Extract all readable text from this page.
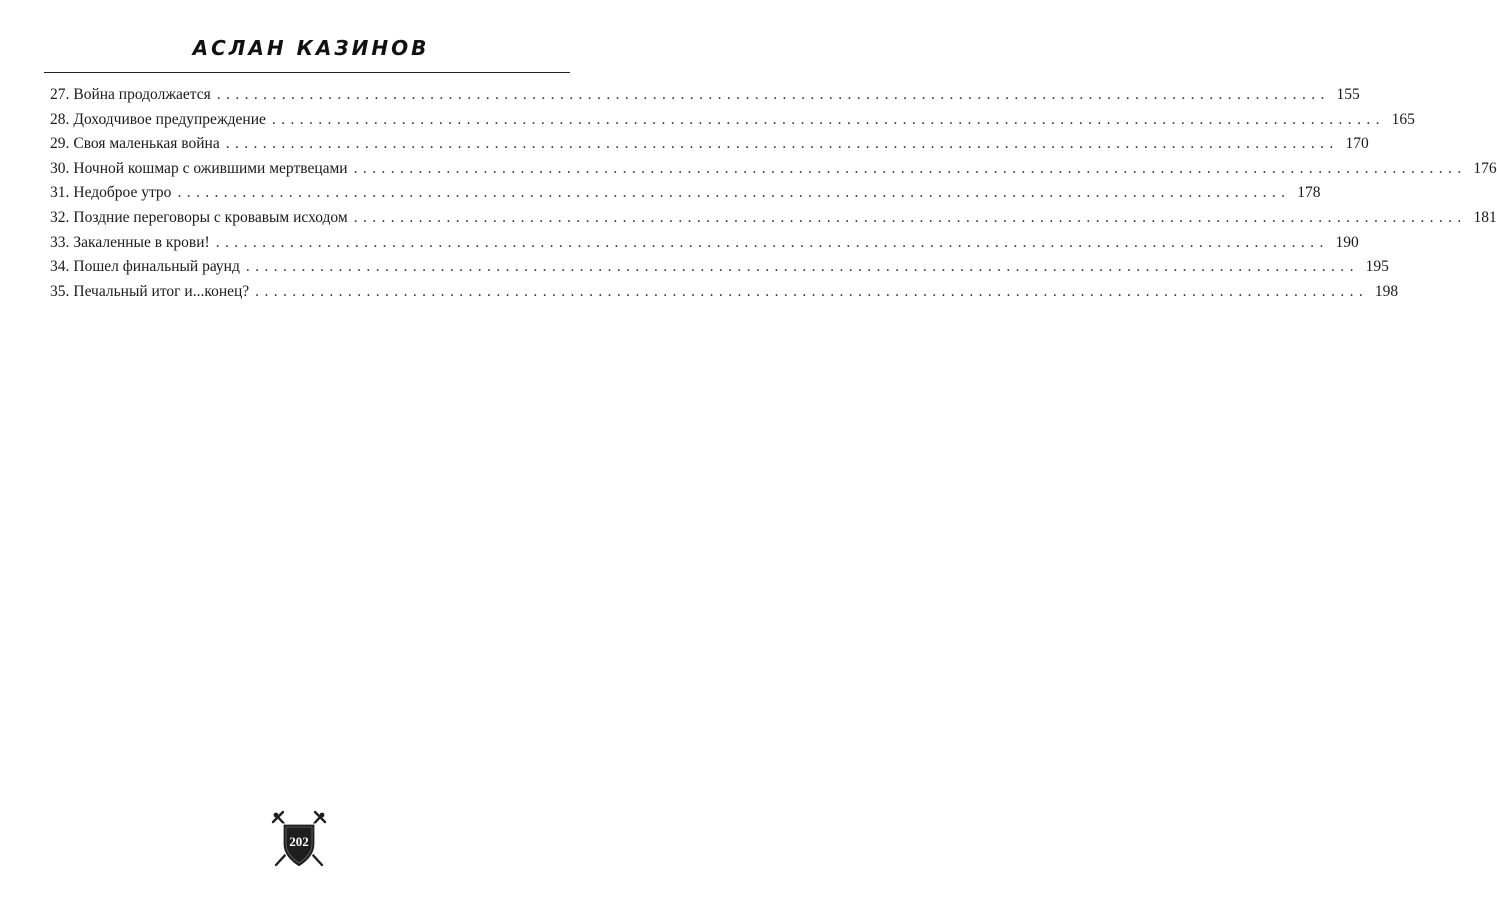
АСЛАН КАЗИНОВ
27. Война продолжается ........................................................................................................................ 155
28. Доходчивое предупреждение ........................................................................................................................ 165
29. Своя маленькая война ........................................................................................................................ 170
30. Ночной кошмар с ожившими мертвецами ........................................................................................................................ 176
31. Недоброе утро ........................................................................................................................ 178
32. Поздние переговоры с кровавым исходом ........................................................................................................................ 181
33. Закаленные в крови! ........................................................................................................................ 190
34. Пошел финальный раунд ........................................................................................................................ 195
35. Печальный итог и...конец? ........................................................................................................................ 198
202
